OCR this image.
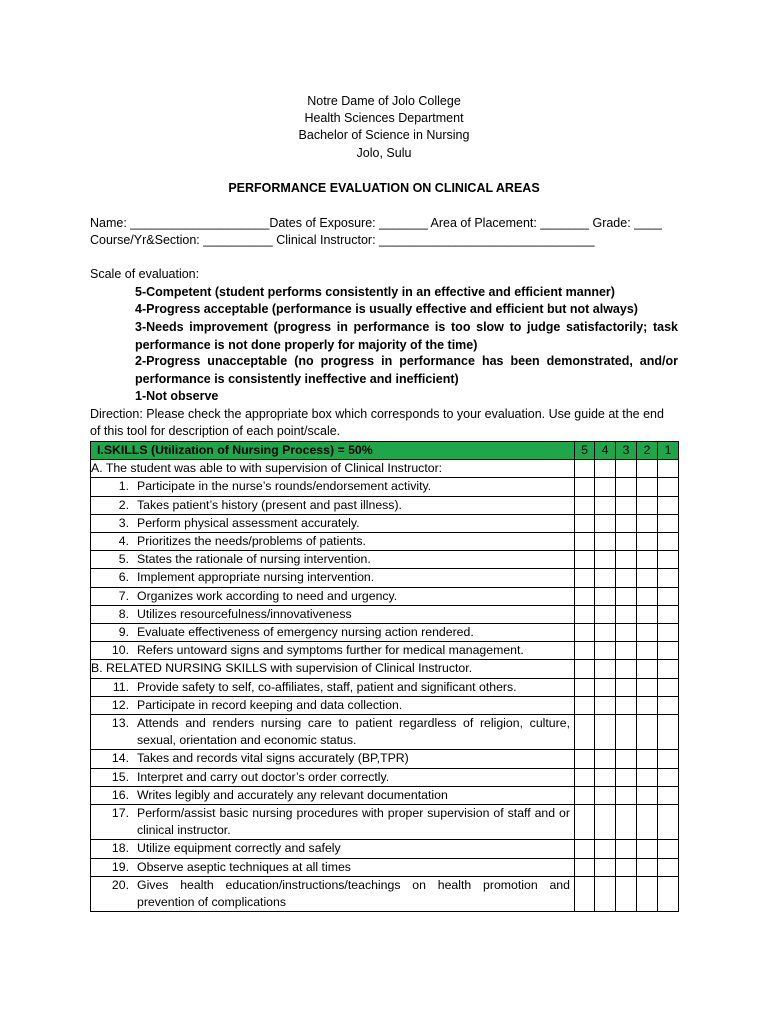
Notre Dame of Jolo College
Health Sciences Department
Bachelor of Science in Nursing
Jolo, Sulu
PERFORMANCE EVALUATION ON CLINICAL AREAS
Name: ____________________Dates of Exposure: _______ Area of Placement: _______ Grade: ____
Course/Yr&Section: __________ Clinical Instructor: _______________________________
Scale of evaluation:
5-Competent (student performs consistently in an effective and efficient manner)
4-Progress acceptable (performance is usually effective and efficient but not always)
3-Needs improvement (progress in performance is too slow to judge satisfactorily; task performance is not done properly for majority of the time)
2-Progress unacceptable (no progress in performance has been demonstrated, and/or performance is consistently ineffective and inefficient)
1-Not observe
Direction: Please check the appropriate box which corresponds to your evaluation. Use guide at the end
of this tool for description of each point/scale.
I.SKILLS (Utilization of Nursing Process) = 50%	5	4	3	2	1
A. The student was able to with supervision of Clinical Instructor:					

1. Participate in the nurse’s rounds/endorsement activity.					

2. Takes patient’s history (present and past illness).					

3. Perform physical assessment accurately.					

4. Prioritizes the needs/problems of patients.					

5. States the rationale of nursing intervention.					

6. Implement appropriate nursing intervention.					

7. Organizes work according to need and urgency.					

8. Utilizes resourcefulness/innovativeness					

9. Evaluate effectiveness of emergency nursing action rendered.					

10. Refers untoward signs and symptoms further for medical management.					

B. RELATED NURSING SKILLS with supervision of Clinical Instructor.					

11. Provide safety to self, co-affiliates, staff, patient and significant others.					

12. Participate in record keeping and data collection.					

13. Attends and renders nursing care to patient regardless of religion, culture, sexual, orientation and economic status.					

14. Takes and records vital signs accurately (BP,TPR)					

15. Interpret and carry out doctor’s order correctly.					

16. Writes legibly and accurately any relevant documentation					

17. Perform/assist basic nursing procedures with proper supervision of staff and or clinical instructor.					

18. Utilize equipment correctly and safely					

19. Observe aseptic techniques at all times					

20. Gives health education/instructions/teachings on health promotion and prevention of complications					
